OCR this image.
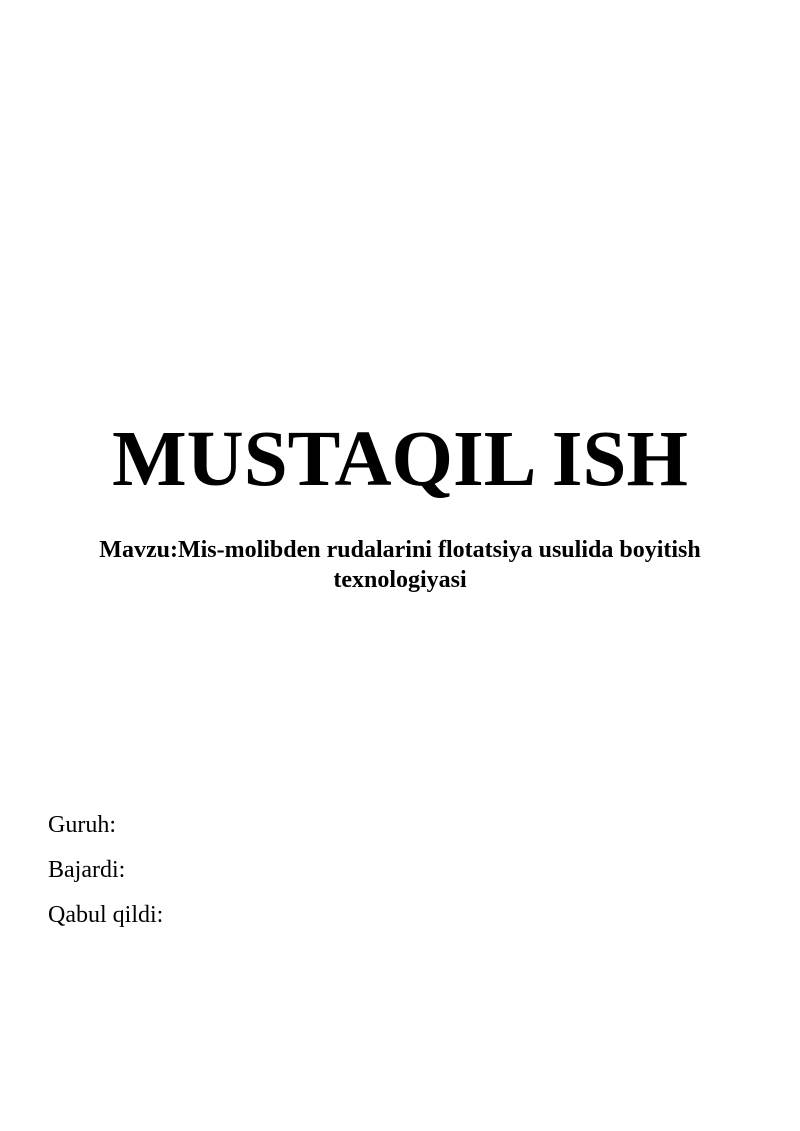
MUSTAQIL ISH
Mavzu:Mis-molibden rudalarini flotatsiya usulida boyitish texnologiyasi
Guruh:
Bajardi:
Qabul qildi:
